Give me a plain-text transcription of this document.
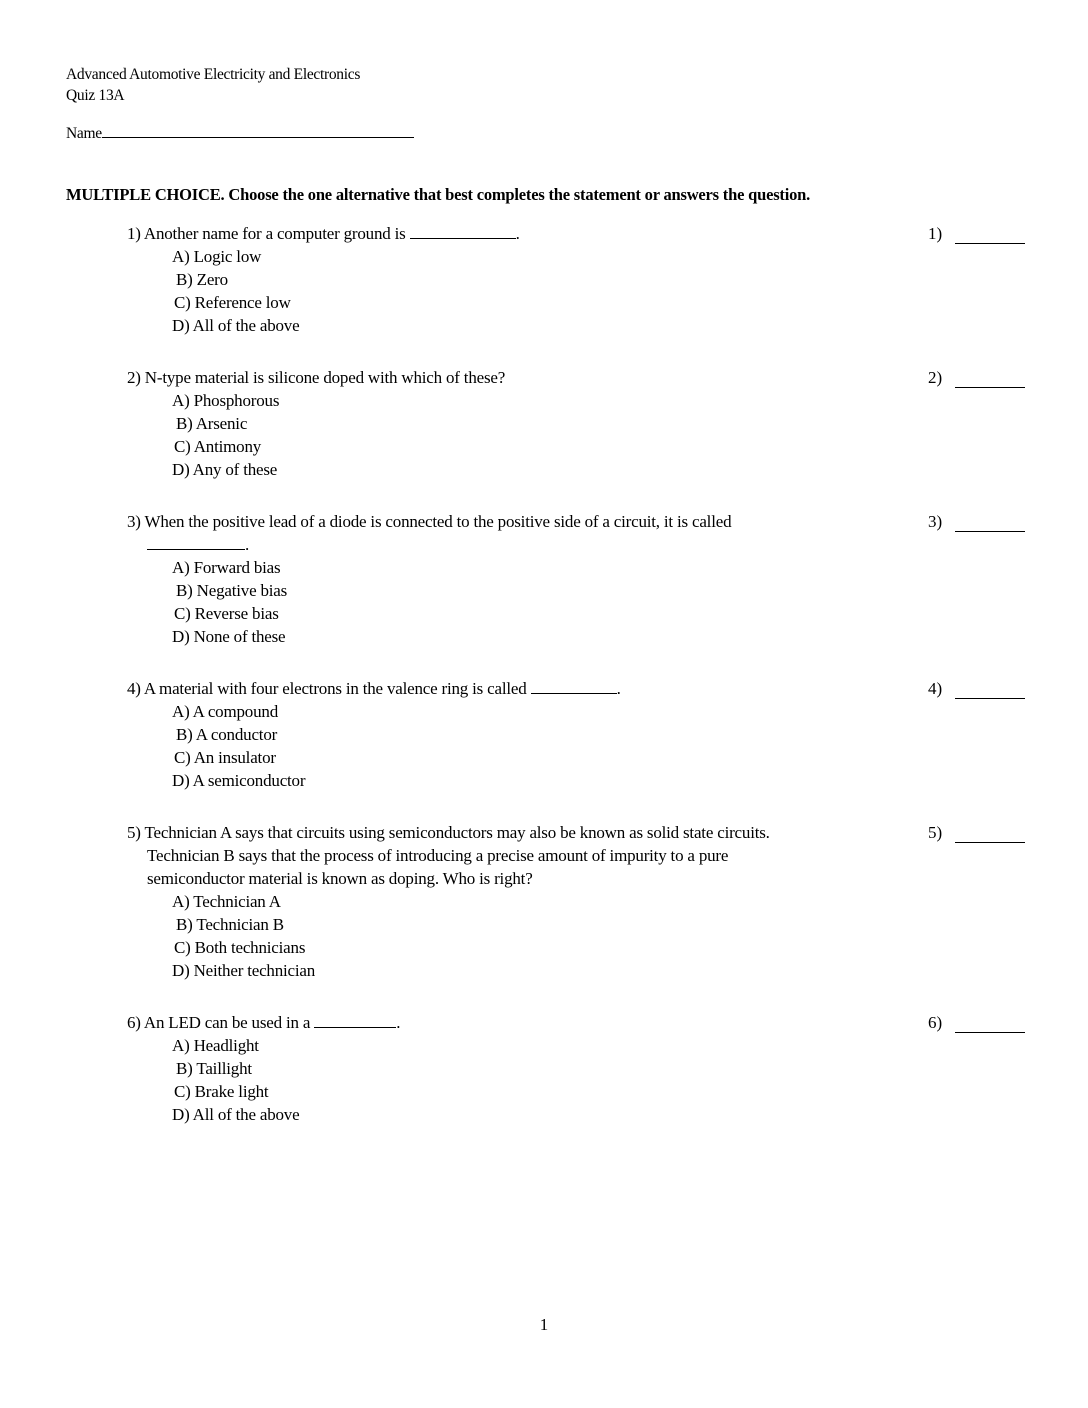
Advanced Automotive Electricity and Electronics
Quiz 13A
Name
MULTIPLE CHOICE. Choose the one alternative that best completes the statement or answers the question.
1) Another name for a computer ground is	.
A) Logic low
B) Zero
C) Reference low
D) All of the above
1)
2) N-type material is silicone doped with which of these?
A) Phosphorous
B) Arsenic
C) Antimony
D) Any of these
2)
3) When the positive lead of a diode is connected to the positive side of a circuit, it is called
.
A) Forward bias
B) Negative bias
C) Reverse bias
D) None of these
3)
4) A material with four electrons in the valence ring is called	.
A) A compound
B) A conductor
C) An insulator
D) A semiconductor
4)
5) Technician A says that circuits using semiconductors may also be known as solid state circuits.
Technician B says that the process of introducing a precise amount of impurity to a pure
semiconductor material is known as doping. Who is right?
A) Technician A
B) Technician B
C) Both technicians
D) Neither technician
5)
6) An LED can be used in a	.
A) Headlight
B) Taillight
C) Brake light
D) All of the above
6)
1
